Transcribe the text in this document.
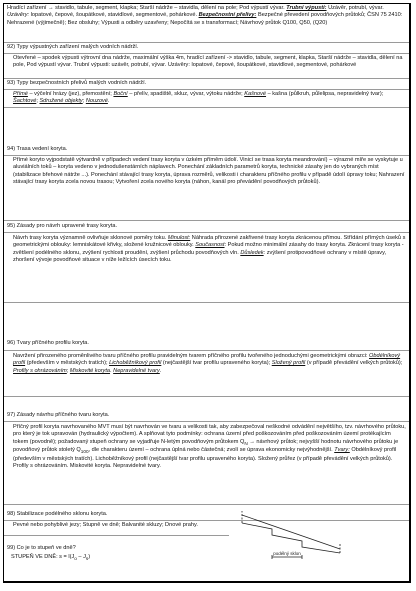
Hradící zařízení → stavidlo, tabule, segment, klapka; Starší nádrže – stavidla, dělení na pole; Pod výpustí vývar. Trubní výpusti: Uzávěr, potrubí, vývar. Uzávěry: lopatové, čepové, šoupátkové, stavidlové, segmentové, pohárkové. Bezpečnostní přelivy: Bezpečné převedení povodňových průtoků; ČSN 75 2410: Nehrazené (výjimečně); Bez obsluhy; Výpusti a odběry uzavřeny; Nepočítá se s transformací; Návrhový průtok Q100, Q50, (Q20)
92) Typy výpustných zařízení malých vodních nádrží.
Otevřené – spodek výpusti výtrovní dna nádrže, maximální výška 4m, hradící zařízení -> stavidlo, tabule, segment, klapka, Starší nádrže – stavidla, dělení na pole, Pod výpustí vývar. Trubní výpusti: uzávěr, potrubí, vývar. Uzávěry: lopatové, čepové, šoupátkové, stavidlové, segmentové, pohárkové
93) Typy bezpečnostních přelivů malých vodních nádrží.
Přímé – výčelní hrázy (jez), přemostění; Boční – přelív, spadiště, skluz, vývar, výtoku nádrže; Kašnové – kašna (půlkruh, půlelipsa, nepravidelný tvar); Šachtové; Sdružené objekty; Nouzové.
94) Trasa vedení koryta.
Přímé koryto vyjpodstatě výtvardně v případech vedení trasy koryta v úzkém příměm údolí. Vinicí se trasa koryta meandrování) – výrazné míře se vyskytuje u aluviálních toků – koryta vedeno v jednodušenstárních náplavech. Ponechání základních parametrů koryta, technické zásahy jen do vybraných míst (stabilizace břehové nátrže ...). Ponechání stávající trasy koryta, úprava rozměrů, velikosti i charakteru příčného profilu v případě údolí úpravy toku; Nahrazení stávající trasy koryta zcela novou trasou; Vytvoření zcela nového koryta (náhon, kanál pro převádění povodňových průtoků).
95) Zásady pro návrh upravené trasy koryta.
Návrh trasy koryta významně ovlivňuje sklonové poměry toku. Minulost: Náhrada přirozené zakřivené trasy koryta zkrácenou přímou. Střídání přímých úseků s geometrickými oblouky: lemniskátové křivky, složené kružnicové oblouky. Současnost: Pokud možno minimální zásahy do trasy koryta. Zkrácení trasy koryta - zvětšení podélného sklonu, zvýšení rychlosti proudění, zvýšení průchodu povodňových vln. Důsledek: zvýšení protipovodňové ochrany v místě úpravy, zhoršení vývoje povodňové situace v níže ležících úsecích toku.
96) Tvary příčného profilu koryta.
Navržení přirozeného proměnlivého tvaru příčného profilu pravidelným tvarem příčného profilu tvořeného jednoduchými geometrickými obrazci: Obdélníkový profil (především v městských tratích); Lichoběžníkový profil (nejčastější tvar profilu upraveného koryta); Složený profil (v případě převádění velkých průtoků); Profily s ohrázováním; Miskovité koryta. Nepravidelné tvary.
97) Zásady návrhu příčného tvaru koryta.
Příčný profil koryta navrhovaného MVT musí být navrhován ve tvaru a velikosti tak, aby zabezpečoval neškodné odvádění největšího, tzv. návrhového průtoku, pro který je tok upravován (hydraulický výpočtem). A splňovat tyto podmínky: ochrana území před poškozováním před poškozováním území protékajícím tokem (povodně); požadovaný stupeň ochrany se vyjadřuje N-letým povodňovým průtokem $Q_N$ → návrhový průtok; nejvyšší hodnotu návrhového průtoku je povodňový průtok stoletý $Q_{100}$, dle charakteru území – ochrana úplná nebo částečná; zvolí se úprava ekonomicky nejvýhodnější. Tvary: Obdélníkový profil (především v městských tratích). Lichoběžníkový profil (nejčastější tvar profilu upraveného koryta). Složený průřez (v případě převádění velkých průtoků). Profily s ohrázováním. Miskovité koryta. Nepravidelné tvary.
98) Stabilizace podélného sklonu koryta.
Pevné nebo pohyblivé jezy; Stupně ve dně; Balvanité skluzy; Dnové prahy.
99) Co je to stupeň ve dně?
STUPEŇ VE DNĚ: $s = l(J_o - J_s)$
podélný sklon
